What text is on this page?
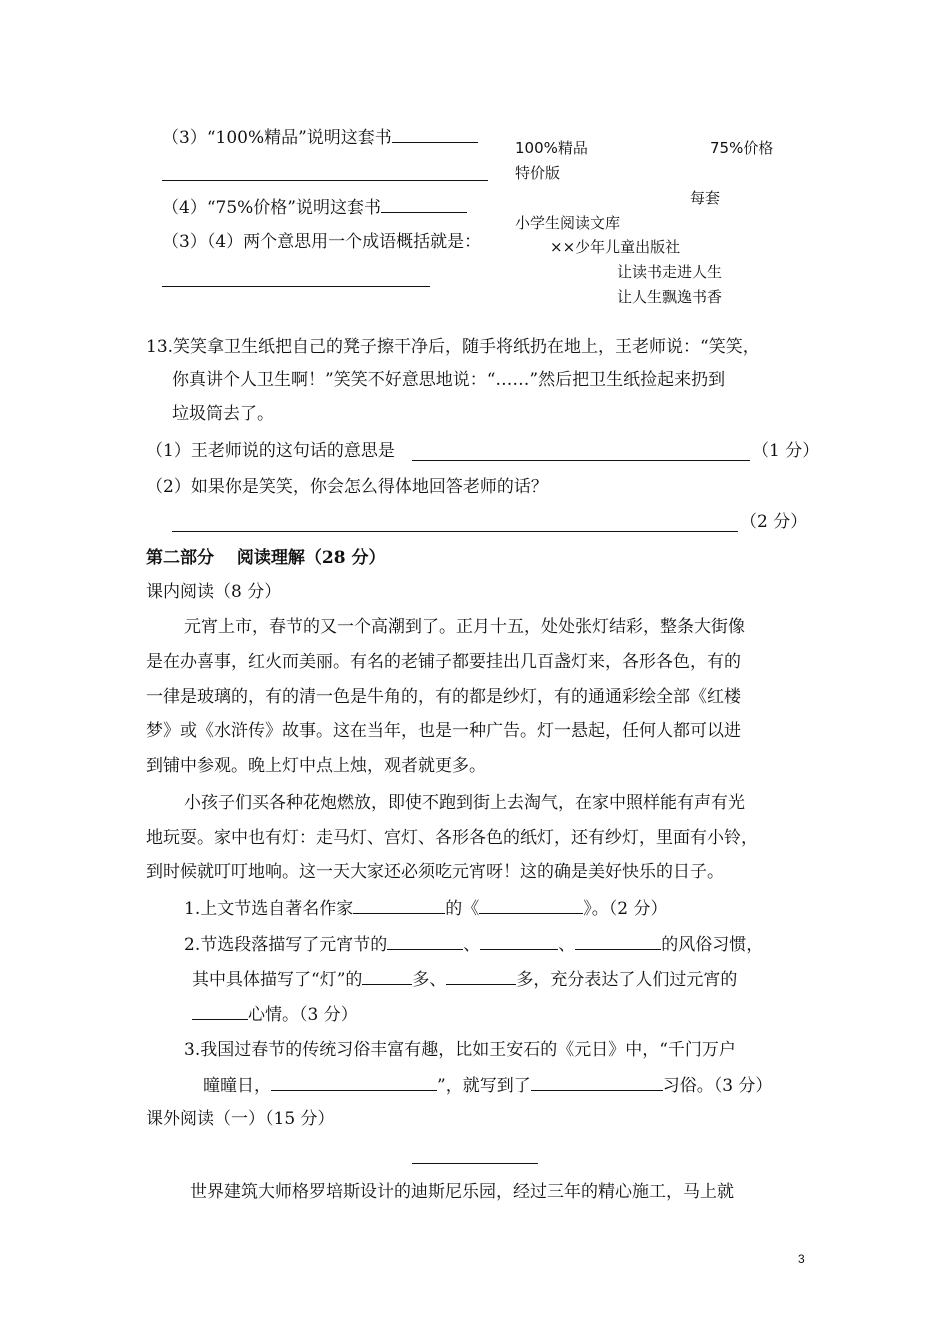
（3）“100%精品”说明这套书
（4）“75%价格”说明这套书
（3）（4）两个意思用一个成语概括就是：
100%精品	75%价格
特价版
每套
小学生阅读文库
××少年儿童出版社
让读书走进人生
让人生飘逸书香
13.笑笑拿卫生纸把自己的凳子擦干净后，随手将纸扔在地上，王老师说：“笑笑，
你真讲个人卫生啊！”笑笑不好意思地说：“……”然后把卫生纸捡起来扔到
垃圾筒去了。
（1）王老师说的这句话的意思是	（1 分）
（2）如果你是笑笑，你会怎么得体地回答老师的话？
（2 分）
第二部分　 阅读理解（28 分）
课内阅读（8 分）
元宵上市，春节的又一个高潮到了。正月十五，处处张灯结彩，整条大街像
是在办喜事，红火而美丽。有名的老铺子都要挂出几百盏灯来，各形各色，有的
一律是玻璃的，有的清一色是牛角的，有的都是纱灯，有的通通彩绘全部《红楼
梦》或《水浒传》故事。这在当年，也是一种广告。灯一悬起，任何人都可以进
到铺中参观。晚上灯中点上烛，观者就更多。
小孩子们买各种花炮燃放，即使不跑到街上去淘气，在家中照样能有声有光
地玩耍。家中也有灯：走马灯、宫灯、各形各色的纸灯，还有纱灯，里面有小铃，
到时候就叮叮地响。这一天大家还必须吃元宵呀！这的确是美好快乐的日子。
1.上文节选自著名作家	的《	》。（2 分）
2.节选段落描写了元宵节的	、	、	的风俗习惯，
其中具体描写了“灯”的	多、	多，充分表达了人们过元宵的
心情。（3 分）
3.我国过春节的传统习俗丰富有趣，比如王安石的《元日》中，“千门万户
曈曈日，	”，就写到了	习俗。（3 分）
课外阅读（一）（15 分）
世界建筑大师格罗培斯设计的迪斯尼乐园，经过三年的精心施工，马上就
3
